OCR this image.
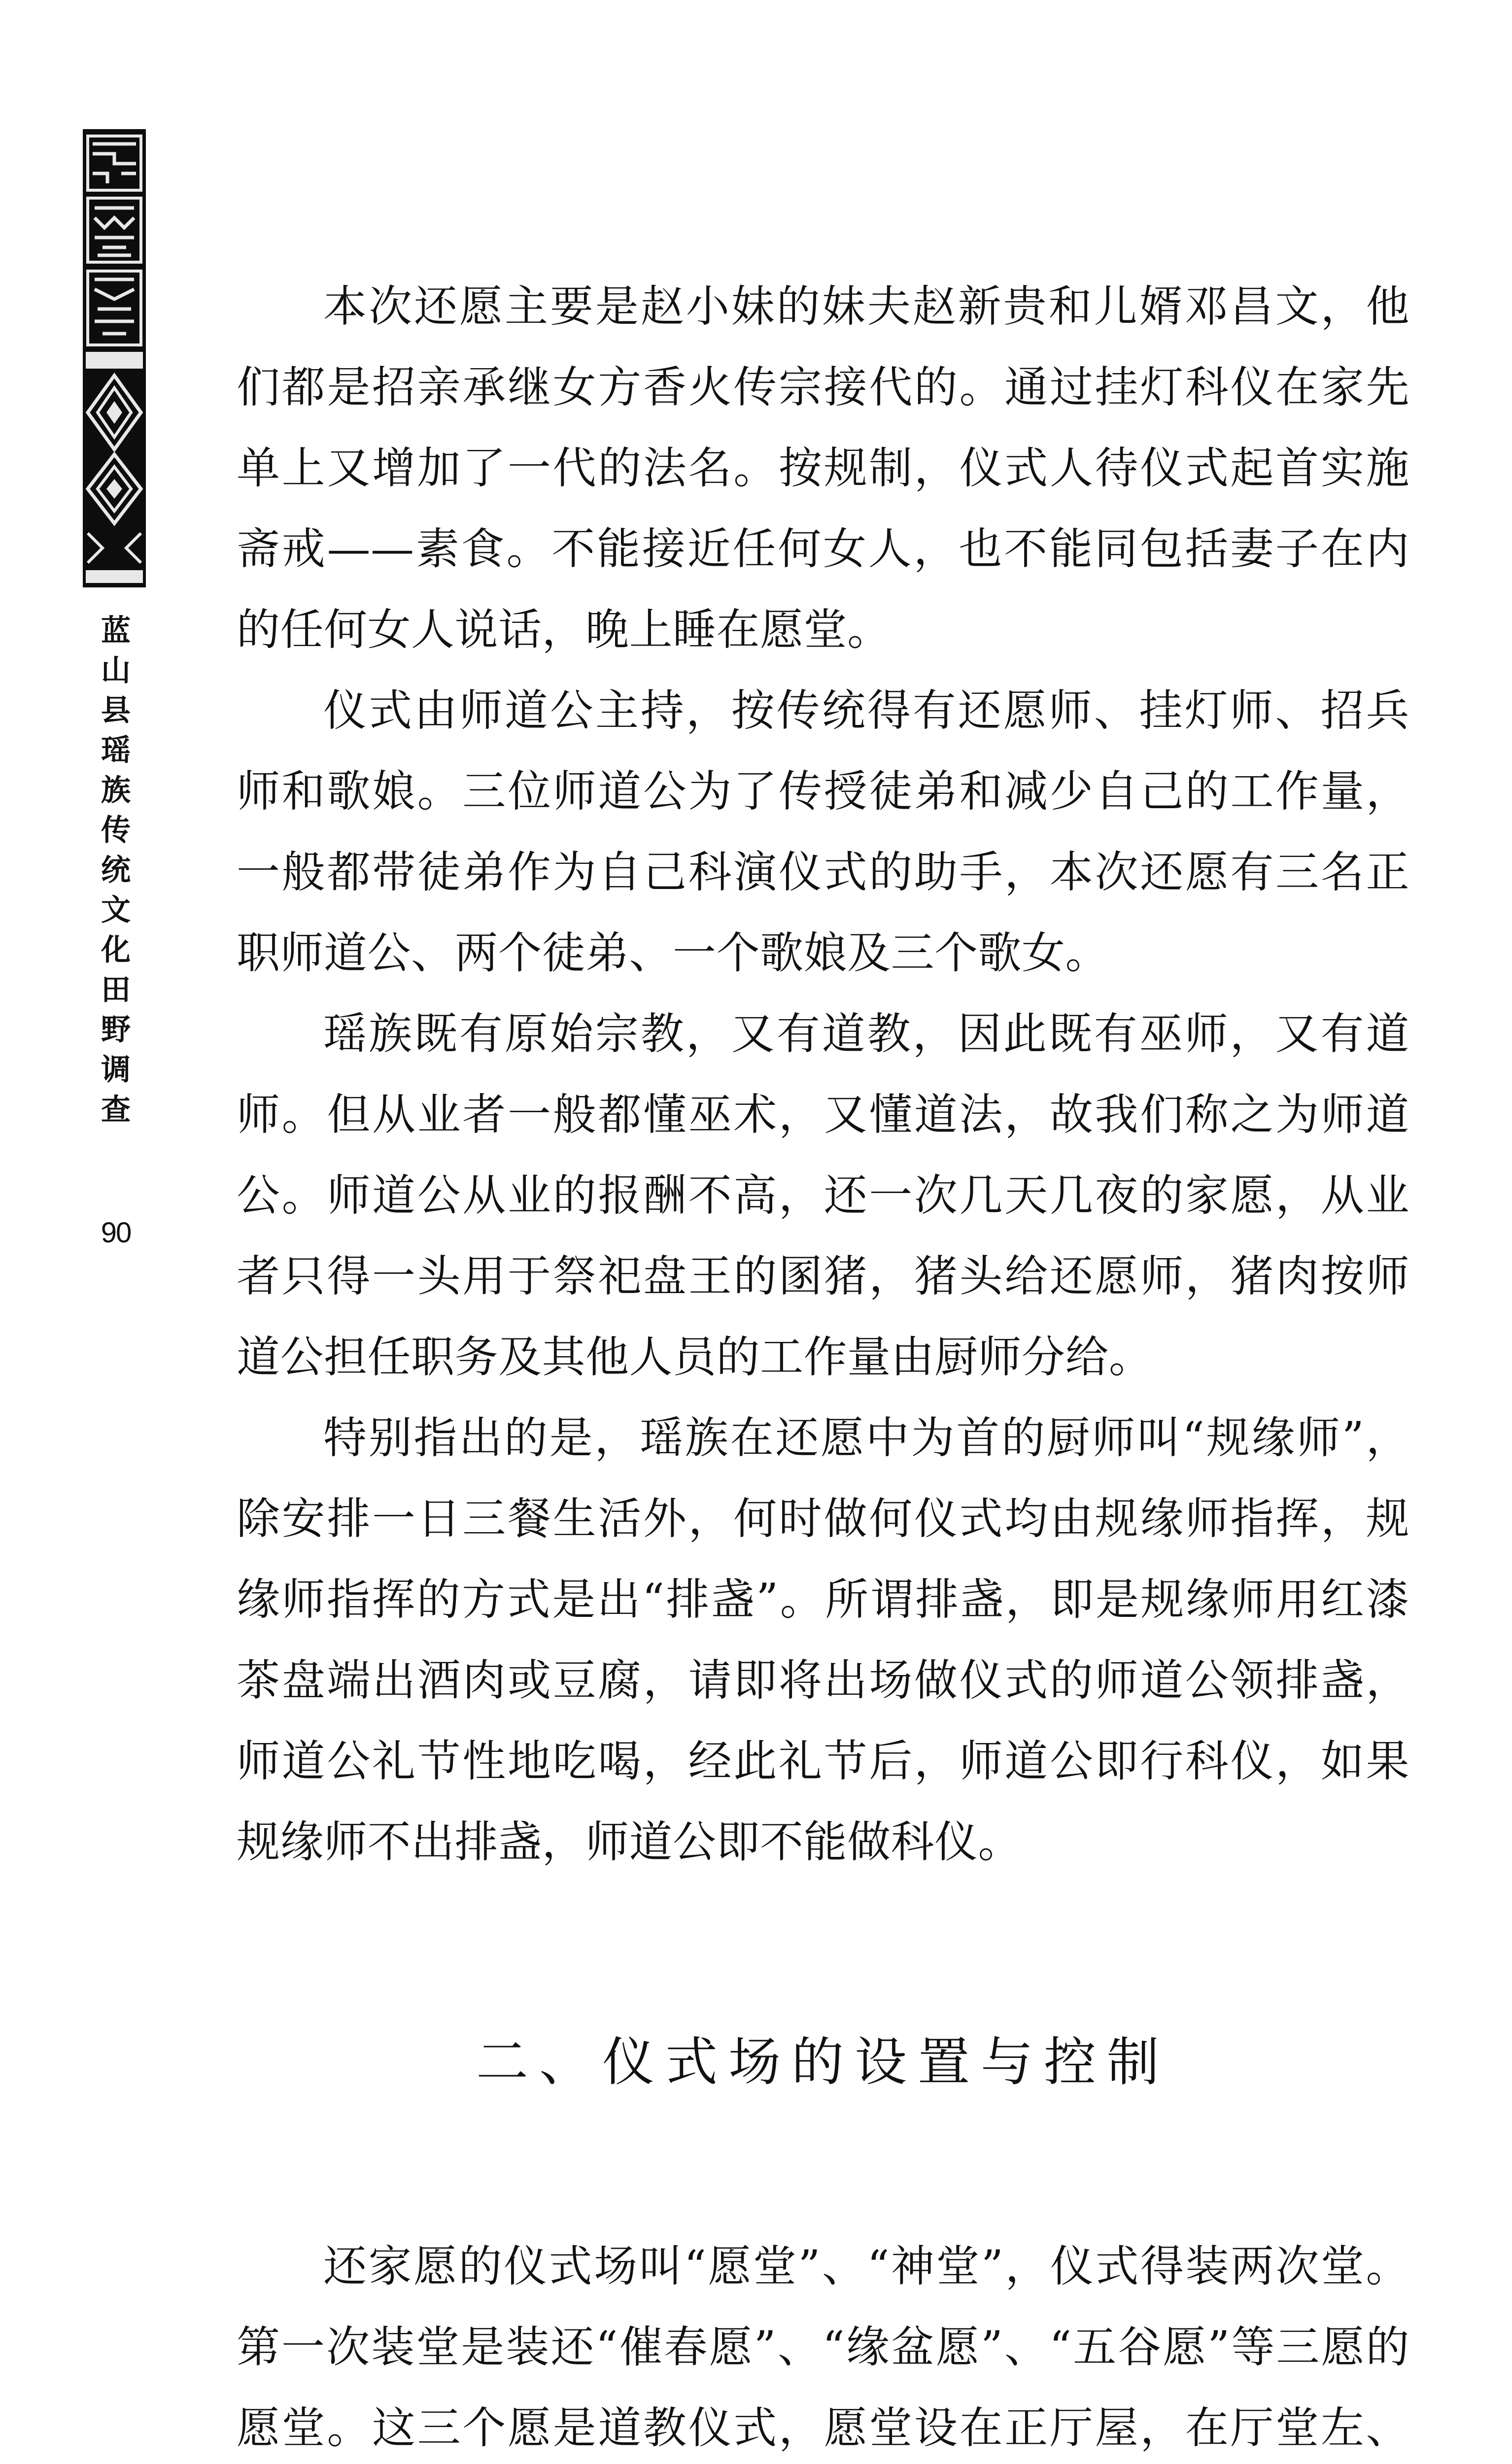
蓝
山
县
瑶
族
传
统
文
化
田
野
调
查
90

本次还愿主要是赵小妹的妹夫赵新贵和儿婿邓昌文，他们都是招亲承继女方香火传宗接代的。通过挂灯科仪在家先单上又增加了一代的法名。按规制，仪式人待仪式起首实施斋戒——素食。不能接近任何女人，也不能同包括妻子在内的任何女人说话，晚上睡在愿堂。

仪式由师道公主持，按传统得有还愿师、挂灯师、招兵师和歌娘。三位师道公为了传授徒弟和减少自己的工作量，一般都带徒弟作为自己科演仪式的助手，本次还愿有三名正职师道公、两个徒弟、一个歌娘及三个歌女。

瑶族既有原始宗教，又有道教，因此既有巫师，又有道师。但从业者一般都懂巫术，又懂道法，故我们称之为师道公。师道公从业的报酬不高，还一次几天几夜的家愿，从业者只得一头用于祭祀盘王的圂猪，猪头给还愿师，猪肉按师道公担任职务及其他人员的工作量由厨师分给。

特别指出的是，瑶族在还愿中为首的厨师叫“规缘师”，除安排一日三餐生活外，何时做何仪式均由规缘师指挥，规缘师指挥的方式是出“排盏”。所谓排盏，即是规缘师用红漆茶盘端出酒肉或豆腐，请即将出场做仪式的师道公领排盏，师道公礼节性地吃喝，经此礼节后，师道公即行科仪，如果规缘师不出排盏，师道公即不能做科仪。

二、仪式场的设置与控制

还家愿的仪式场叫“愿堂”、“神堂”，仪式得装两次堂。第一次装堂是装还“催春愿”、“缘盆愿”、“五谷愿”等三愿的愿堂。这三个愿是道教仪式，愿堂设在正厅屋，在厅堂左、
